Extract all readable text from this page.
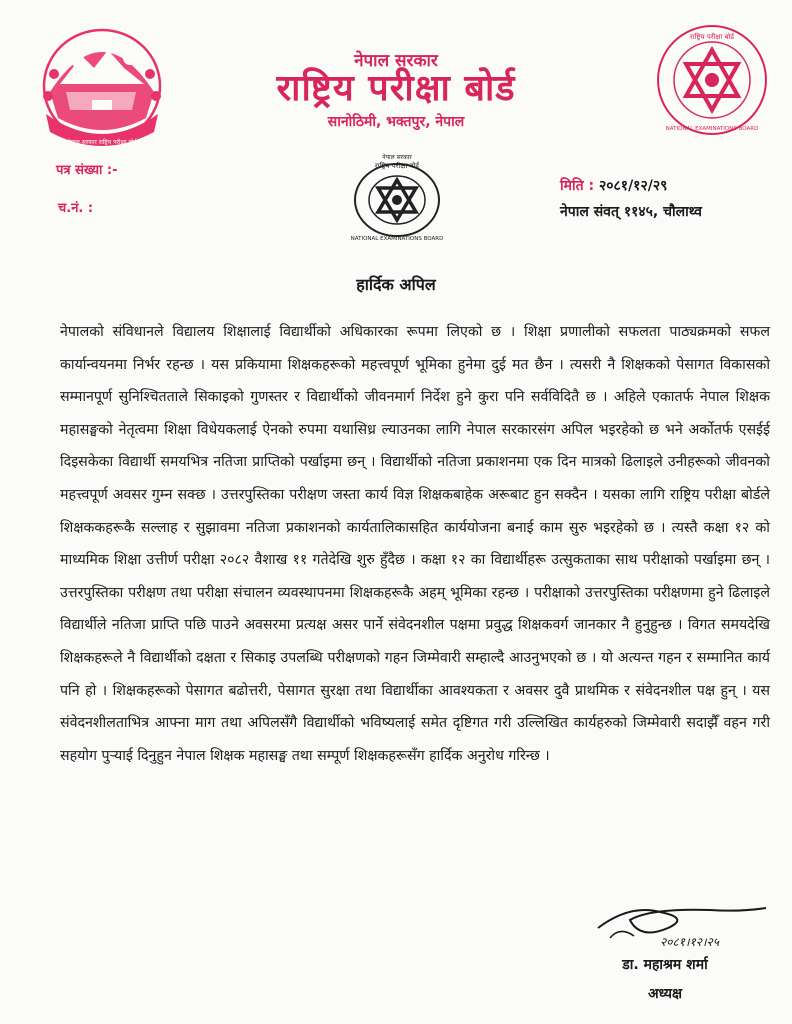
नेपाल सरकार राष्ट्रिय परीक्षा बोर्ड
नेपाल सरकार
राष्ट्रिय परीक्षा बोर्ड
सानोठिमी, भक्तपुर, नेपाल
राष्ट्रिय परीक्षा बोर्ड
NATIONAL EXAMINATIONS BOARD
पत्र संख्या :-
च.नं. :
नेपाल सरकार
राष्ट्रिय परीक्षा बोर्ड
NATIONAL EXAMINATIONS BOARD
मिति : २०८१/१२/२९
नेपाल संवत् ११४५, चौलाथ्व
हार्दिक अपिल
नेपालको संविधानले विद्यालय शिक्षालाई विद्यार्थीको अधिकारका रूपमा लिएको छ । शिक्षा प्रणालीको सफलता पाठ्यक्रमको सफल कार्यान्वयनमा निर्भर रहन्छ । यस प्रकियामा शिक्षकहरूको महत्त्वपूर्ण भूमिका हुनेमा दुई मत छैन । त्यसरी नै शिक्षकको पेसागत विकासको सम्मानपूर्ण सुनिश्चितताले सिकाइको गुणस्तर र विद्यार्थीको जीवनमार्ग निर्देश हुने कुरा पनि सर्वविदितै छ । अहिले एकातर्फ नेपाल शिक्षक महासङ्घको नेतृत्वमा शिक्षा विधेयकलाई ऐनको रुपमा यथासिध्र ल्याउनका लागि नेपाल सरकारसंग अपिल भइरहेको छ भने अर्कोतर्फ एसईई दिइसकेका विद्यार्थी समयभित्र नतिजा प्राप्तिको पर्खाइमा छन् । विद्यार्थीको नतिजा प्रकाशनमा एक दिन मात्रको ढिलाइले उनीहरूको जीवनको महत्त्वपूर्ण अवसर गुम्न सक्छ । उत्तरपुस्तिका परीक्षण जस्ता कार्य विज्ञ शिक्षकबाहेक अरूबाट हुन सक्दैन । यसका लागि राष्ट्रिय परीक्षा बोर्डले शिक्षककहरूकै सल्लाह र सुझावमा नतिजा प्रकाशनको कार्यतालिकासहित कार्ययोजना बनाई काम सुरु भइरहेको छ । त्यस्तै कक्षा १२ को माध्यमिक शिक्षा उत्तीर्ण परीक्षा २०८२ वैशाख ११ गतेदेखि शुरु हुँदैछ । कक्षा १२ का विद्यार्थीहरू उत्सुकताका साथ परीक्षाको पर्खाइमा छन् । उत्तरपुस्तिका परीक्षण तथा परीक्षा संचालन व्यवस्थापनमा शिक्षकहरूकै अहम् भूमिका रहन्छ । परीक्षाको उत्तरपुस्तिका परीक्षणमा हुने ढिलाइले विद्यार्थीले नतिजा प्राप्ति पछि पाउने अवसरमा प्रत्यक्ष असर पार्ने संवेदनशील पक्षमा प्रवुद्ध शिक्षकवर्ग जानकार नै हुनुहुन्छ । विगत समयदेखि शिक्षकहरूले नै विद्यार्थीको दक्षता र सिकाइ उपलब्धि परीक्षणको गहन जिम्मेवारी सम्हाल्दै आउनुभएको छ । यो अत्यन्त गहन र सम्मानित कार्य पनि हो । शिक्षकहरूको पेसागत बढोत्तरी, पेसागत सुरक्षा तथा विद्यार्थीका आवश्यकता र अवसर दुवै प्राथमिक र संवेदनशील पक्ष हुन् । यस संवेदनशीलताभित्र आफ्ना माग तथा अपिलसँगै विद्यार्थीको भविष्यलाई समेत दृष्टिगत गरी उल्लिखित कार्यहरुको जिम्मेवारी सदाझैँ वहन गरी सहयोग पुर्‍याई दिनुहुन नेपाल शिक्षक महासङ्घ तथा सम्पूर्ण शिक्षकहरूसँग हार्दिक अनुरोध गरिन्छ ।
२०८१।१२।२५
डा. महाश्रम शर्मा
अध्यक्ष
